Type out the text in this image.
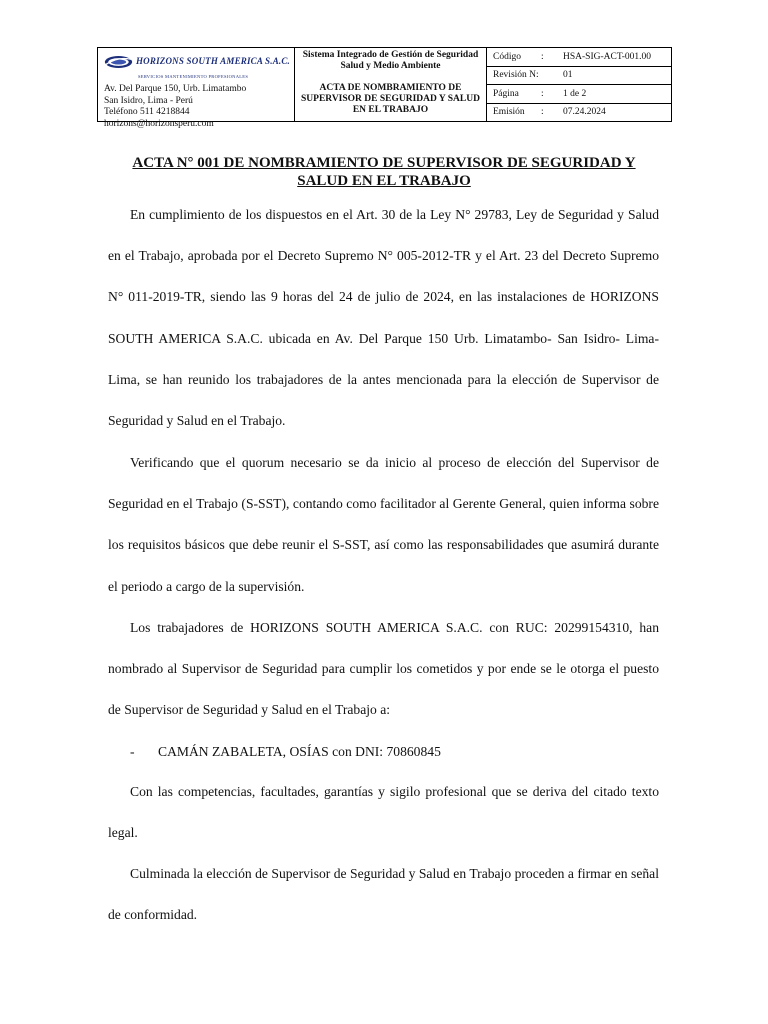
HORIZONS SOUTH AMERICA S.A.C.
SERVICIOS MANTENIMIENTO PROFESIONALES
Av. Del Parque 150, Urb. Limatambo
San Isidro, Lima - Perú
Teléfono 511 4218844
horizons@horizonsperu.com
Sistema Integrado de Gestión de Seguridad Salud y Medio Ambiente
ACTA DE NOMBRAMIENTO DE SUPERVISOR DE SEGURIDAD Y SALUD EN EL TRABAJO
Código	:	HSA-SIG-ACT-001.00
Revisión N:	01
Página	:	1 de 2
Emisión	:	07.24.2024
ACTA N° 001 DE NOMBRAMIENTO DE SUPERVISOR DE SEGURIDAD Y
SALUD EN EL TRABAJO

En cumplimiento de los dispuestos en el Art. 30 de la Ley N° 29783, Ley de Seguridad y Salud en el Trabajo, aprobada por el Decreto Supremo N° 005-2012-TR y el Art. 23 del Decreto Supremo N° 011-2019-TR, siendo las 9 horas del 24 de julio de 2024, en las instalaciones de HORIZONS SOUTH AMERICA S.A.C. ubicada en Av. Del Parque 150 Urb. Limatambo- San Isidro- Lima- Lima, se han reunido los trabajadores de la antes mencionada para la elección de Supervisor de Seguridad y Salud en el Trabajo.

Verificando que el quorum necesario se da inicio al proceso de elección del Supervisor de Seguridad en el Trabajo (S-SST), contando como facilitador al Gerente General, quien informa sobre los requisitos básicos que debe reunir el S-SST, así como las responsabilidades que asumirá durante el periodo a cargo de la supervisión.

Los trabajadores de HORIZONS SOUTH AMERICA S.A.C. con RUC: 20299154310, han nombrado al Supervisor de Seguridad para cumplir los cometidos y por ende se le otorga el puesto de Supervisor de Seguridad y Salud en el Trabajo a:

- CAMÁN ZABALETA, OSÍAS con DNI: 70860845

Con las competencias, facultades, garantías y sigilo profesional que se deriva del citado texto legal.

Culminada la elección de Supervisor de Seguridad y Salud en Trabajo proceden a firmar en señal de conformidad.
